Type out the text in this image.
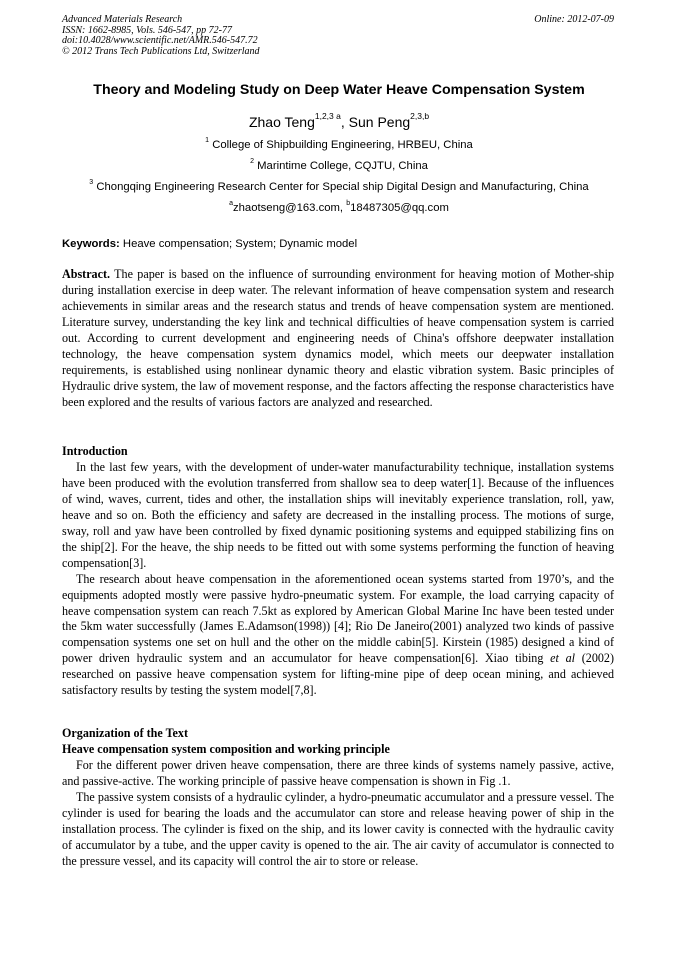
Advanced Materials Research
ISSN: 1662-8985, Vols. 546-547, pp 72-77
doi:10.4028/www.scientific.net/AMR.546-547.72
© 2012 Trans Tech Publications Ltd, Switzerland
Online: 2012-07-09
Theory and Modeling Study on Deep Water Heave Compensation System
Zhao Teng$^{1,2,3 a}$, Sun Peng$^{2,3,b}$
$^1$ College of Shipbuilding Engineering, HRBEU, China
$^2$ Marintime College, CQJTU, China
$^3$ Chongqing Engineering Research Center for Special ship Digital Design and Manufacturing, China
$^a$zhaotseng@163.com, $^b$18487305@qq.com
Keywords: Heave compensation; System; Dynamic model

Abstract. The paper is based on the influence of surrounding environment for heaving motion of Mother-ship during installation exercise in deep water. The relevant information of heave compensation system and research achievements in similar areas and the research status and trends of heave compensation system are mentioned. Literature survey, understanding the key link and technical difficulties of heave compensation system is carried out. According to current development and engineering needs of China's offshore deepwater installation technology, the heave compensation system dynamics model, which meets our deepwater installation requirements, is established using nonlinear dynamic theory and elastic vibration system. Basic principles of Hydraulic drive system, the law of movement response, and the factors affecting the response characteristics have been explored and the results of various factors are analyzed and researched.

Introduction

In the last few years, with the development of under-water manufacturability technique, installation systems have been produced with the evolution transferred from shallow sea to deep water[1]. Because of the influences of wind, waves, current, tides and other, the installation ships will inevitably experience translation, roll, yaw, heave and so on. Both the efficiency and safety are decreased in the installing process. The motions of surge, sway, roll and yaw have been controlled by fixed dynamic positioning systems and equipped stabilizing fins on the ship[2]. For the heave, the ship needs to be fitted out with some systems performing the function of heaving compensation[3].

The research about heave compensation in the aforementioned ocean systems started from 1970’s, and the equipments adopted mostly were passive hydro-pneumatic system. For example, the load carrying capacity of heave compensation system can reach 7.5kt as explored by American Global Marine Inc have been tested under the 5km water successfully (James E.Adamson(1998)) [4]; Rio De Janeiro(2001) analyzed two kinds of passive compensation systems one set on hull and the other on the middle cabin[5]. Kirstein (1985) designed a kind of power driven hydraulic system and an accumulator for heave compensation[6]. Xiao tibing et al (2002) researched on passive heave compensation system for lifting-mine pipe of deep ocean mining, and achieved satisfactory results by testing the system model[7,8].

Organization of the Text

Heave compensation system composition and working principle

For the different power driven heave compensation, there are three kinds of systems namely passive, active, and passive-active. The working principle of passive heave compensation is shown in Fig .1.

The passive system consists of a hydraulic cylinder, a hydro-pneumatic accumulator and a pressure vessel. The cylinder is used for bearing the loads and the accumulator can store and release heaving power of ship in the installation process. The cylinder is fixed on the ship, and its lower cavity is connected with the hydraulic cavity of accumulator by a tube, and the upper cavity is opened to the air. The air cavity of accumulator is connected to the pressure vessel, and its capacity will control the air to store or release.
